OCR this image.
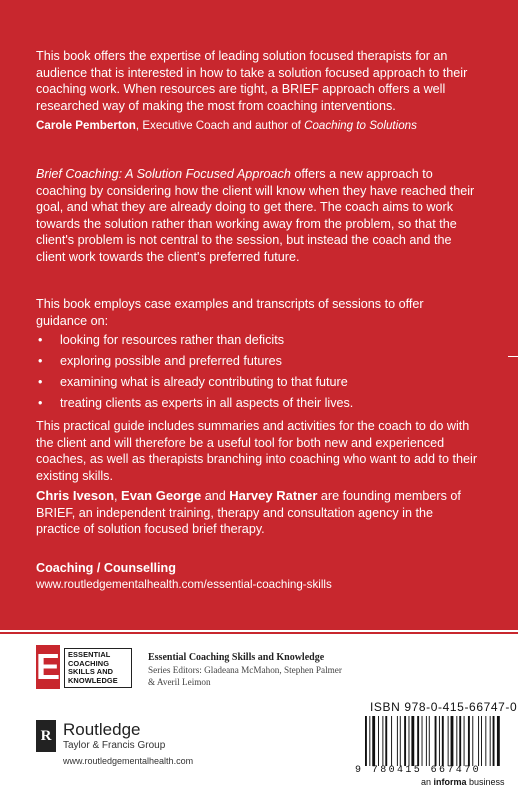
This book offers the expertise of leading solution focused therapists for an audience that is interested in how to take a solution focused approach to their coaching work. When resources are tight, a BRIEF approach offers a well researched way of making the most from coaching interventions.
Carole Pemberton, Executive Coach and author of Coaching to Solutions
Brief Coaching: A Solution Focused Approach offers a new approach to coaching by considering how the client will know when they have reached their goal, and what they are already doing to get there. The coach aims to work towards the solution rather than working away from the problem, so that the client's problem is not central to the session, but instead the coach and the client work towards the client's preferred future.
This book employs case examples and transcripts of sessions to offer guidance on:
• looking for resources rather than deficits
• exploring possible and preferred futures
• examining what is already contributing to that future
• treating clients as experts in all aspects of their lives.
This practical guide includes summaries and activities for the coach to do with the client and will therefore be a useful tool for both new and experienced coaches, as well as therapists branching into coaching who want to add to their existing skills.
Chris Iveson, Evan George and Harvey Ratner are founding members of BRIEF, an independent training, therapy and consultation agency in the practice of solution focused brief therapy.
Coaching / Counselling
www.routledgementalhealth.com/essential-coaching-skills
E ESSENTIAL
COACHING
SKILLS AND
KNOWLEDGE
Essential Coaching Skills and Knowledge
Series Editors: Gladeana McMahon, Stephen Palmer & Averil Leimon
R Routledge
Taylor & Francis Group
www.routledgementalhealth.com
ISBN 978-0-415-66747-0
9 780415 667470
an informa business
